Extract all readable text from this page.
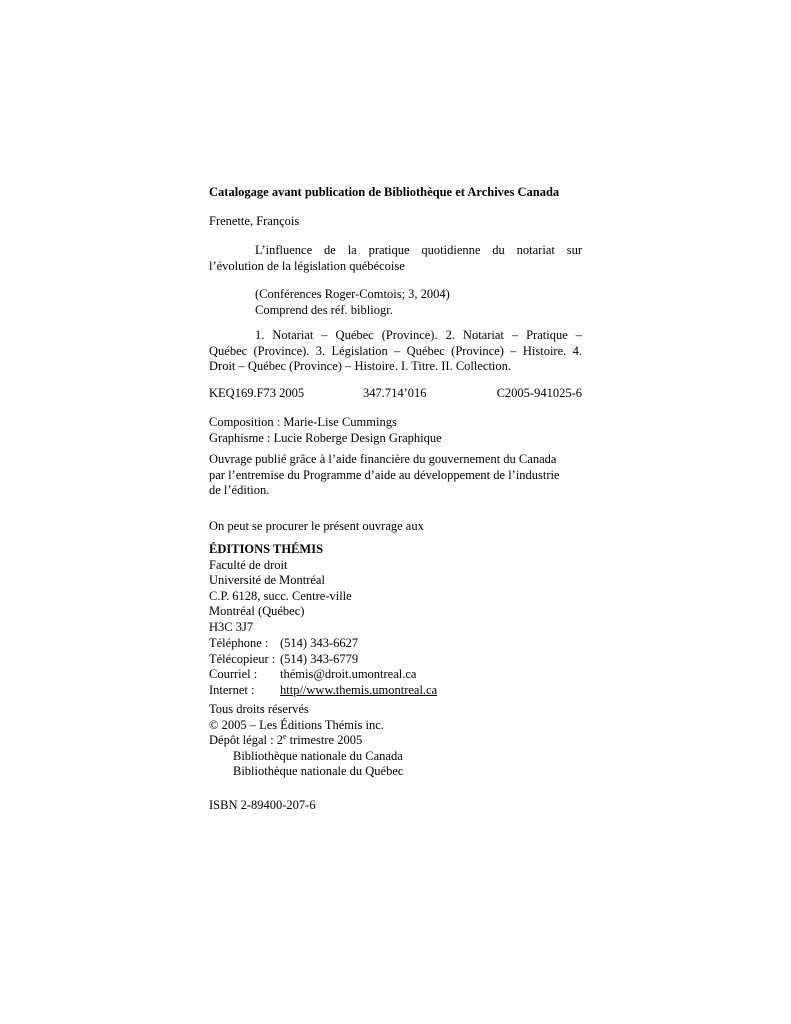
Catalogage avant publication de Bibliothèque et Archives Canada
Frenette, François
L’influence de la pratique quotidienne du notariat sur
l’évolution de la législation québécoise
(Conférences Roger-Comtois; 3, 2004)
Comprend des réf. bibliogr.
1. Notariat – Québec (Province). 2. Notariat – Pratique –
Québec (Province). 3. Législation – Québec (Province) – Histoire. 4.
Droit – Québec (Province) – Histoire. I. Titre. II. Collection.
KEQ169.F73 2005	347.714’016	C2005-941025-6
Composition : Marie-Lise Cummings
Graphisme : Lucie Roberge Design Graphique
Ouvrage publié grâce à l’aide financière du gouvernement du Canada
par l’entremise du Programme d’aide au développement de l’industrie
de l’édition.
On peut se procurer le présent ouvrage aux
ÉDITIONS THÉMIS
Faculté de droit
Université de Montréal
C.P. 6128, succ. Centre-ville
Montréal (Québec)
H3C 3J7
Téléphone : (514) 343-6627
Télécopieur : (514) 343-6779
Courriel : thémis@droit.umontreal.ca
Internet : http//www.themis.umontreal.ca
Tous droits réservés
© 2005 – Les Éditions Thémis inc.
Dépôt légal : 2e trimestre 2005
Bibliothèque nationale du Canada
Bibliothèque nationale du Québec
ISBN 2-89400-207-6
